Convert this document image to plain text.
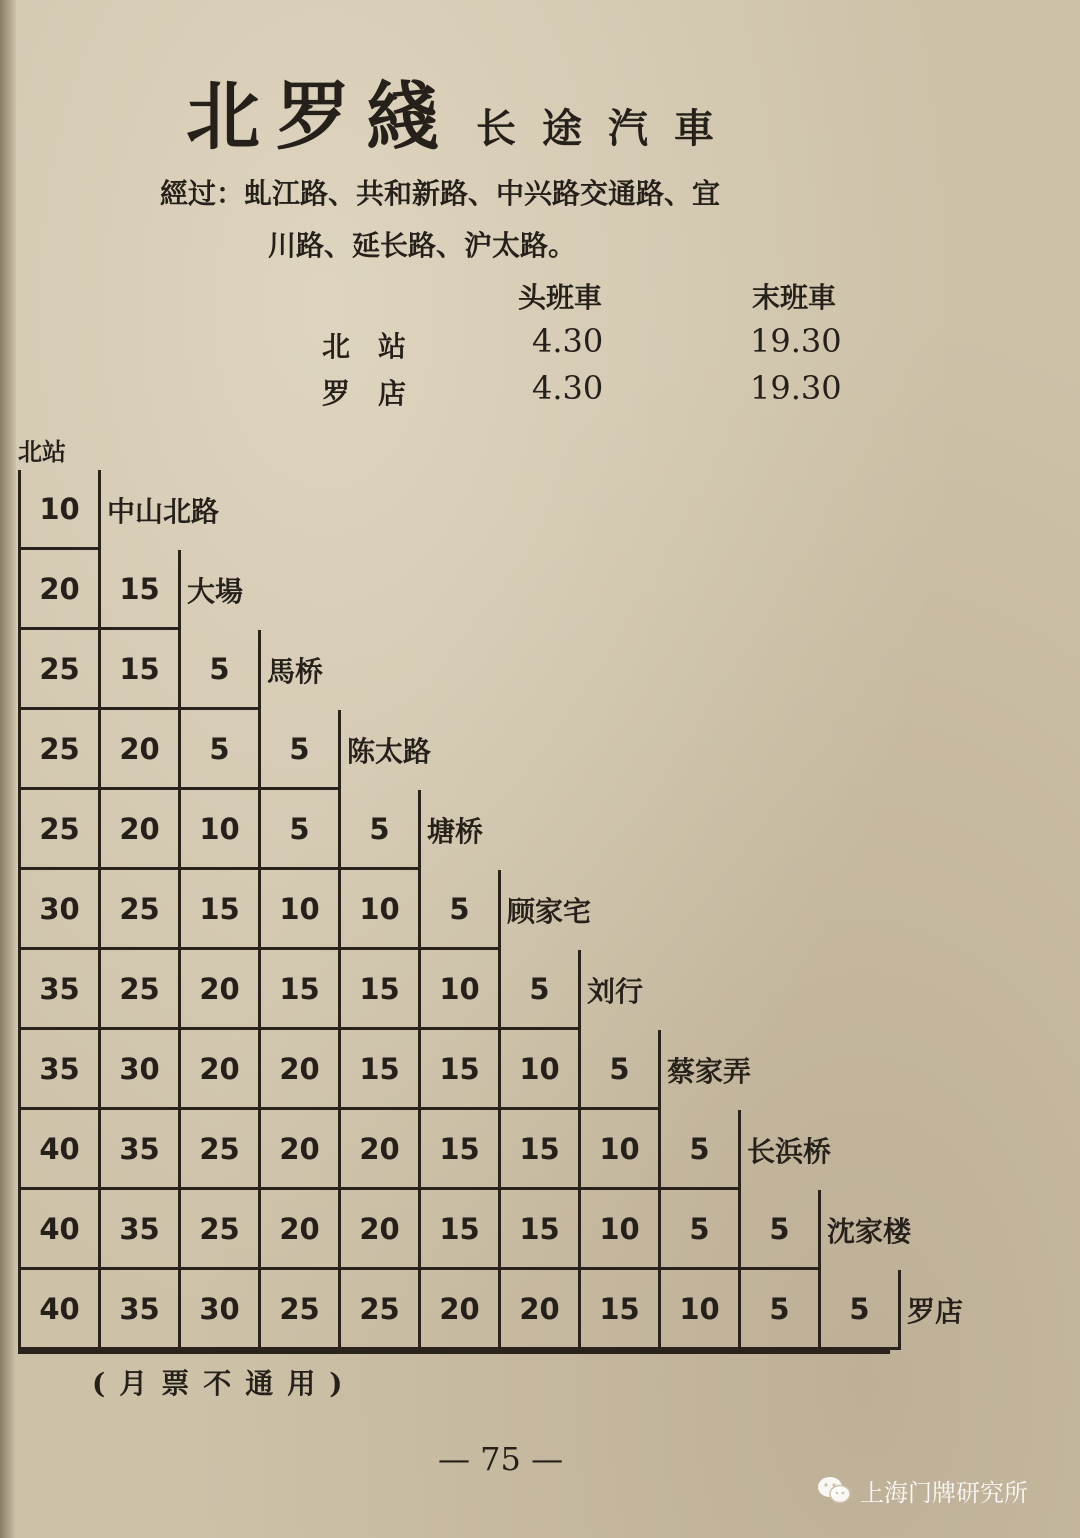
北罗綫 长途汽車
經过：虬江路、共和新路、中兴路交通路、宜
川路、延长路、沪太路。
头班車	末班車
北　站	4.30	19.30
罗　店	4.30	19.30
北站
10 中山北路
20	15 大場
25	15	5	馬桥
25	20	5	5	陈太路
25	20	10	5	5	塘桥
30	25	15	10	10	5	顾家宅
35	25	20	15	15	10	5	刘行
35	30	20	20	15	15	10	5	蔡家弄
40	35	25	20	20	15	15	10	5	长浜桥
40	35	25	20	20	15	15	10	5	5	沈家楼
40	35	30	25	25	20	20	15	10	5	5	罗店
(月票不通用)
— 75 —
上海门牌研究所
